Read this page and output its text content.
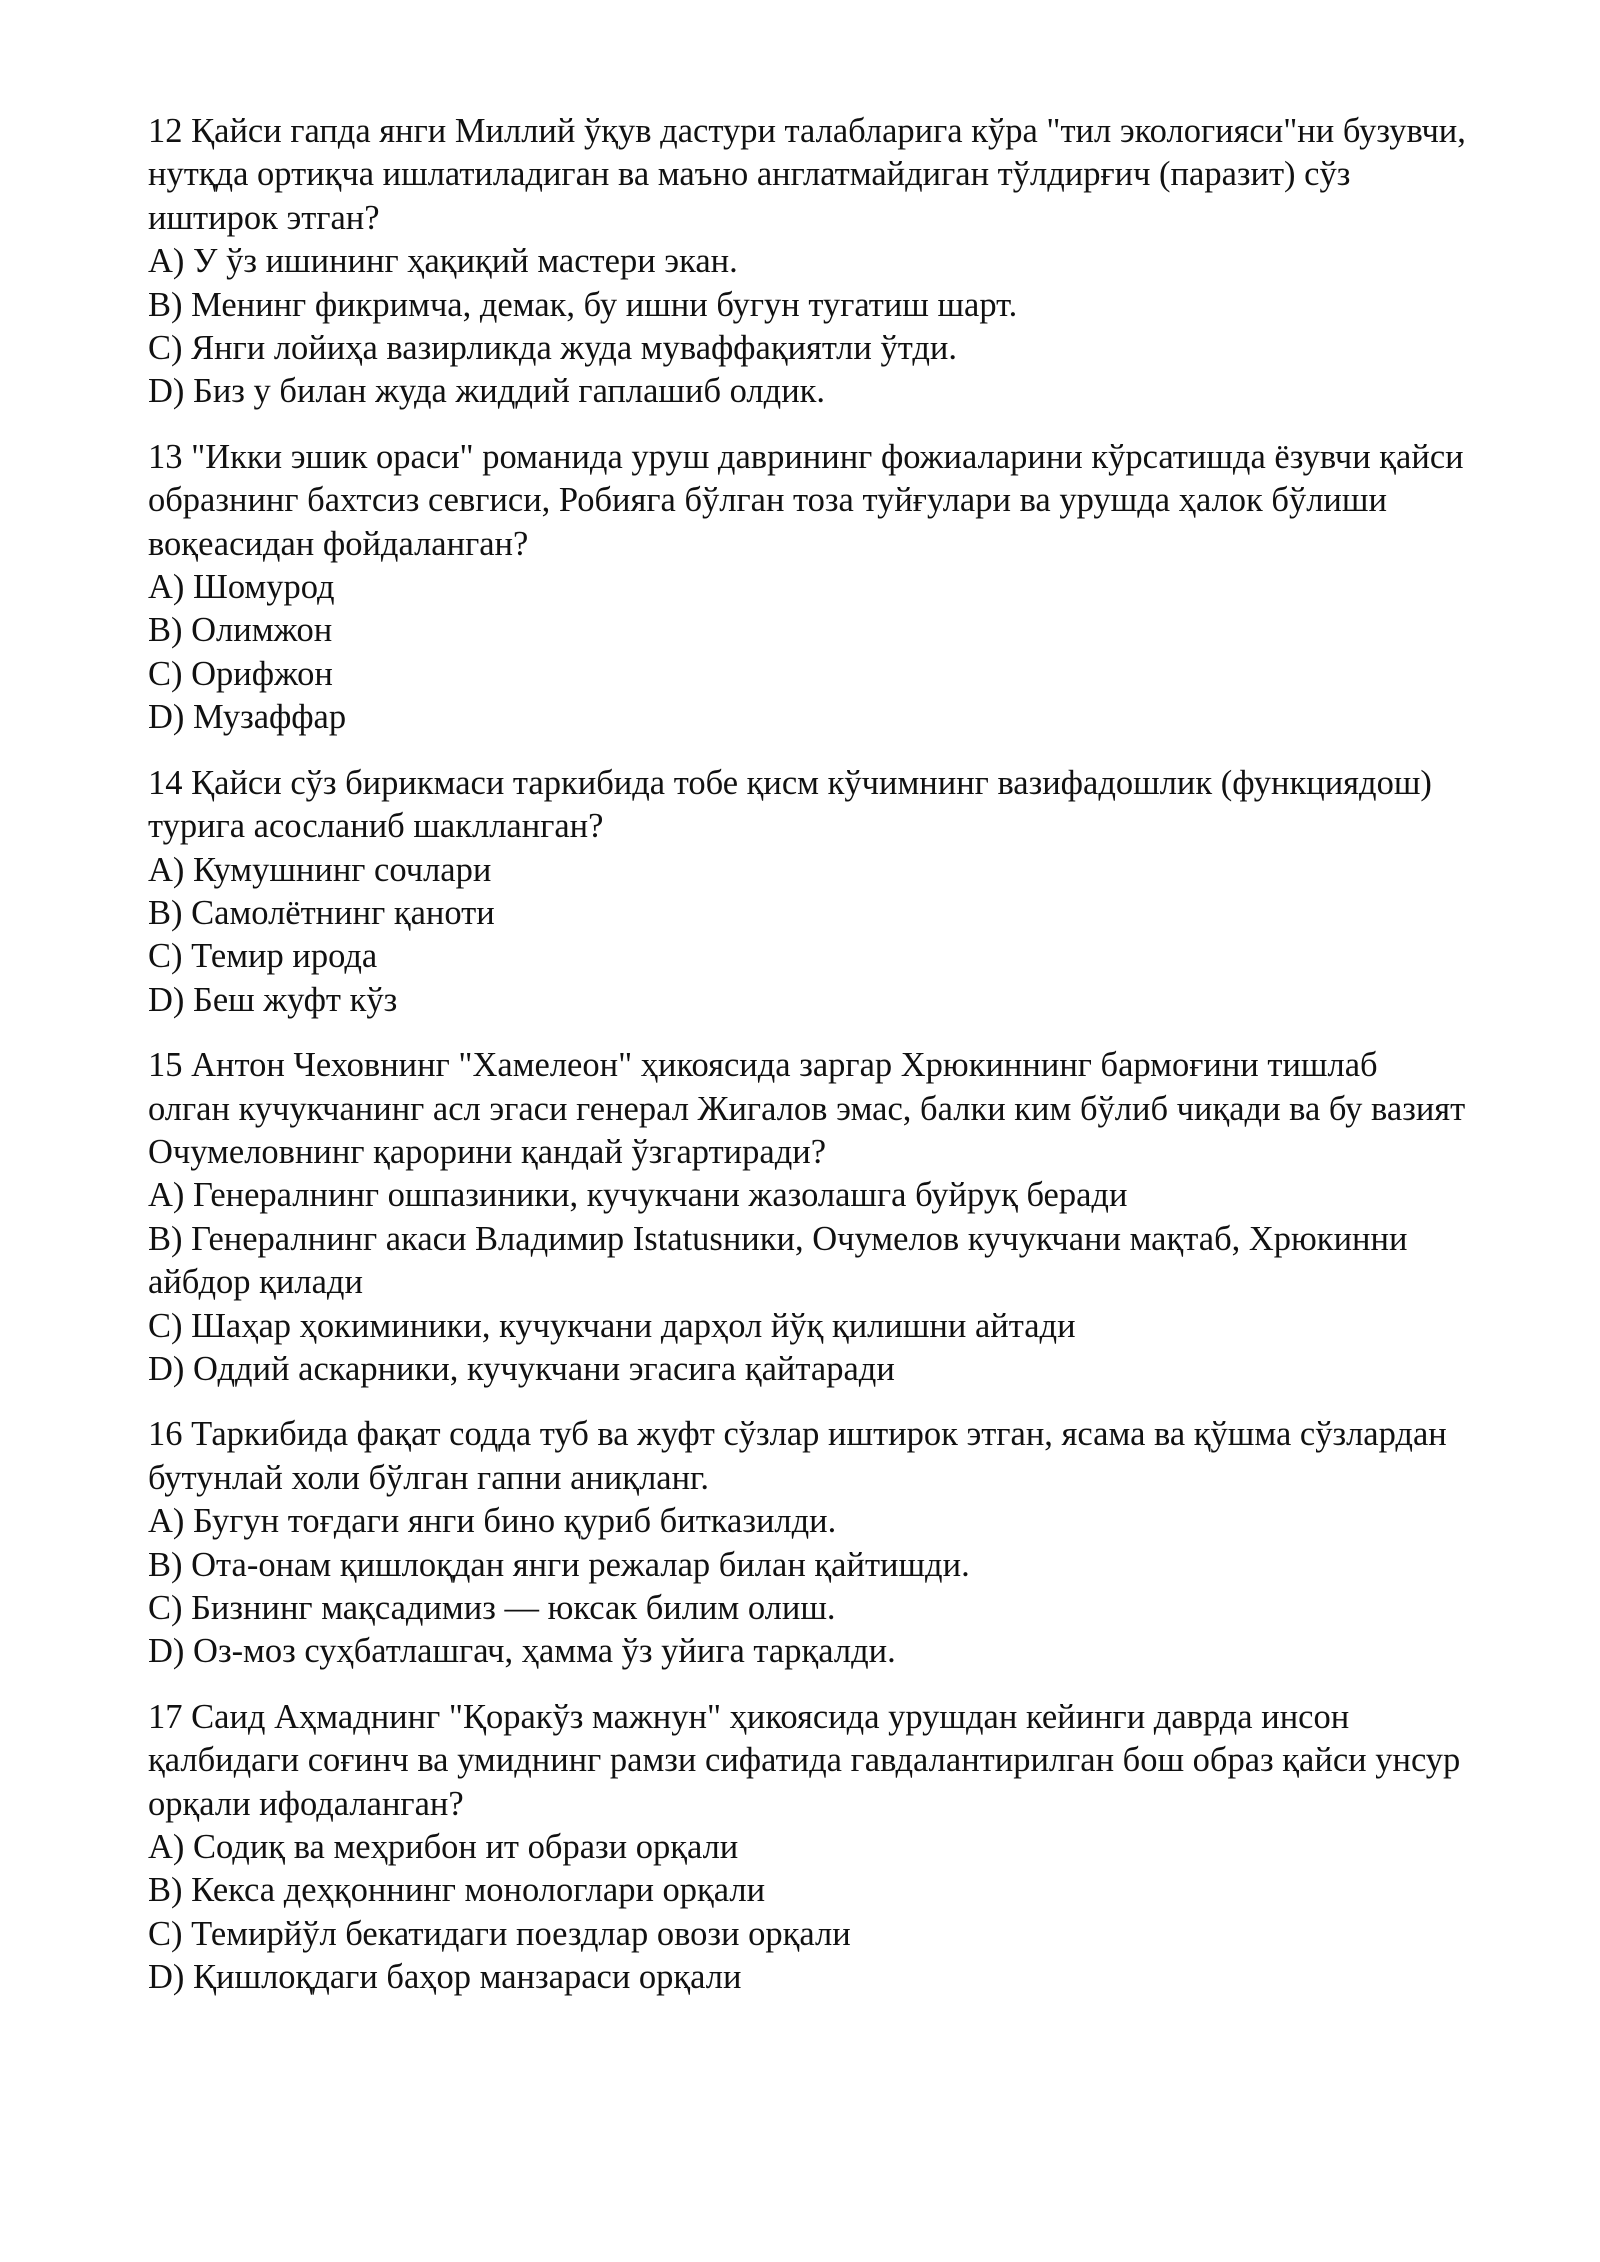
12 Қайси гапда янги Миллий ўқув дастури талабларига кўра "тил экологияси"ни бузувчи, нутқда ортиқча ишлатиладиган ва маъно англатмайдиган тўлдирғич (паразит) сўз иштирок этган?

A) У ўз ишининг ҳақиқий мастери экан.

B) Менинг фикримча, демак, бу ишни бугун тугатиш шарт.

C) Янги лойиҳа вазирликда жуда муваффақиятли ўтди.

D) Биз у билан жуда жиддий гаплашиб олдик.

13 "Икки эшик ораси" романида уруш даврининг фожиаларини кўрсатишда ёзувчи қайси образнинг бахтсиз севгиси, Робияга бўлган тоза туйғулари ва урушда ҳалок бўлиши воқеасидан фойдаланган?

A) Шомурод

B) Олимжон

C) Орифжон

D) Музаффар

14 Қайси сўз бирикмаси таркибида тобе қисм кўчимнинг вазифадошлик (функциядош) турига асосланиб шаклланган?

A) Кумушнинг сочлари

B) Самолётнинг қаноти

C) Темир ирода

D) Беш жуфт кўз

15 Антон Чеховнинг "Хамелеон" ҳикоясида заргар Хрюкиннинг бармоғини тишлаб олган кучукчанинг асл эгаси генерал Жигалов эмас, балки ким бўлиб чиқади ва бу вазият Очумеловнинг қарорини қандай ўзгартиради?

A) Генералнинг ошпазиники, кучукчани жазолашга буйруқ беради

B) Генералнинг акаси Владимир Istatusники, Очумелов кучукчани мақтаб, Хрюкинни айбдор қилади

C) Шаҳар ҳокиминики, кучукчани дарҳол йўқ қилишни айтади

D) Оддий аскарники, кучукчани эгасига қайтаради

16 Таркибида фақат содда туб ва жуфт сўзлар иштирок этган, ясама ва қўшма сўзлардан бутунлай холи бўлган гапни аниқланг.

A) Бугун тоғдаги янги бино қуриб битказилди.

B) Ота-онам қишлоқдан янги режалар билан қайтишди.

C) Бизнинг мақсадимиз — юксак билим олиш.

D) Оз-моз суҳбатлашгач, ҳамма ўз уйига тарқалди.

17 Саид Аҳмаднинг "Қоракўз мажнун" ҳикоясида урушдан кейинги даврда инсон қалбидаги соғинч ва умиднинг рамзи сифатида гавдалантирилган бош образ қайси унсур орқали ифодаланган?

A) Содиқ ва меҳрибон ит образи орқали

B) Кекса деҳқоннинг монологлари орқали

C) Темирйўл бекатидаги поездлар овози орқали

D) Қишлоқдаги баҳор манзараси орқали
